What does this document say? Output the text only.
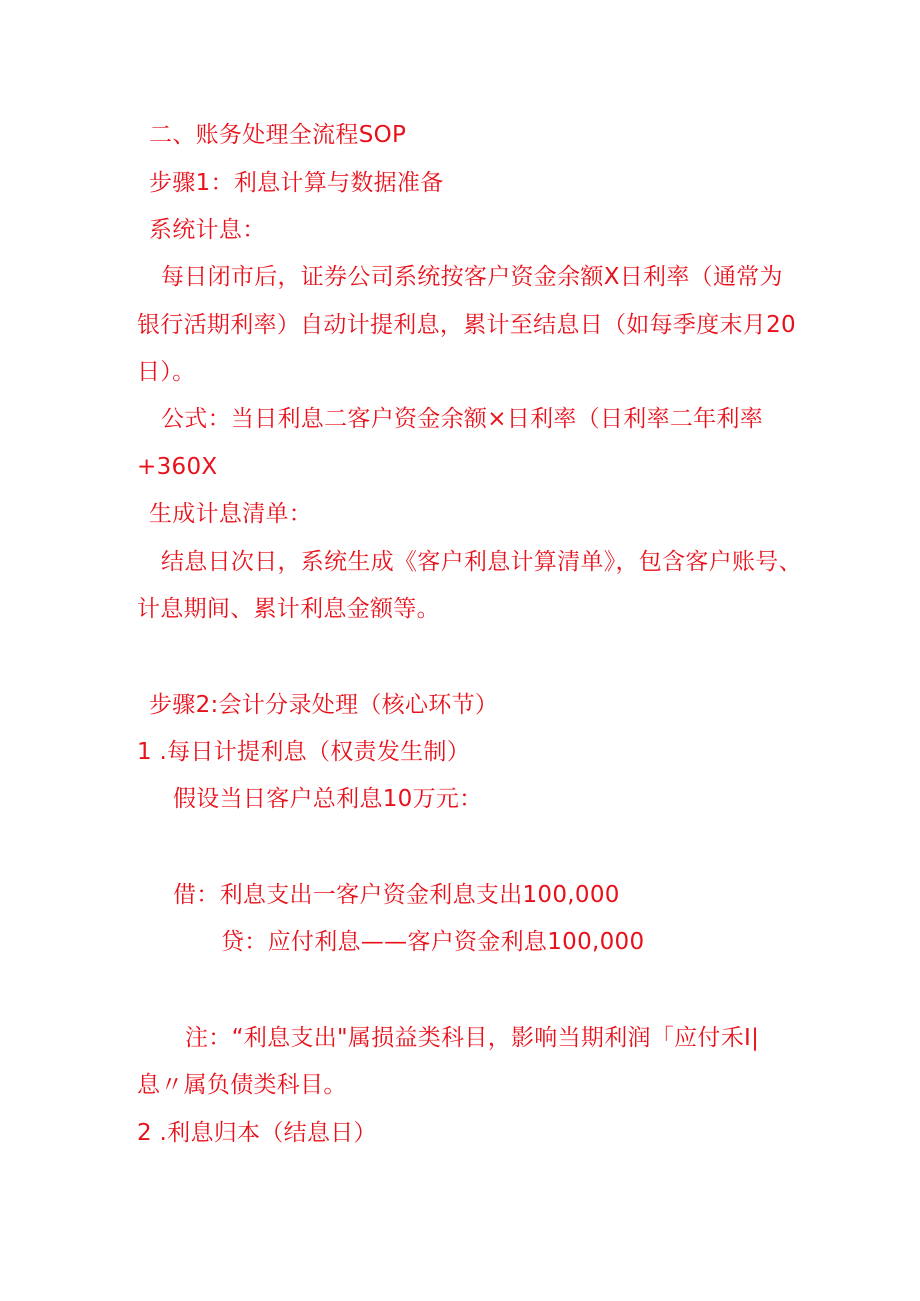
二、账务处理全流程SOP

步骤1：利息计算与数据准备

系统计息：

每日闭市后，证券公司系统按客户资金余额X日利率（通常为

银行活期利率）自动计提利息，累计至结息日（如每季度末月20

日）。

公式：当日利息二客户资金余额×日利率（日利率二年利率

+360X

生成计息清单：

结息日次日，系统生成《客户利息计算清单》，包含客户账号、

计息期间、累计利息金额等。

步骤2:会计分录处理（核心环节）

1 .每日计提利息（权责发生制）

假设当日客户总利息10万元：

借：利息支出一客户资金利息支出100,000

贷：应付利息——客户资金利息100,000

注：“利息支出"属损益类科目，影响当期利润「应付禾I|

息〃属负债类科目。

2 .利息归本（结息日）
